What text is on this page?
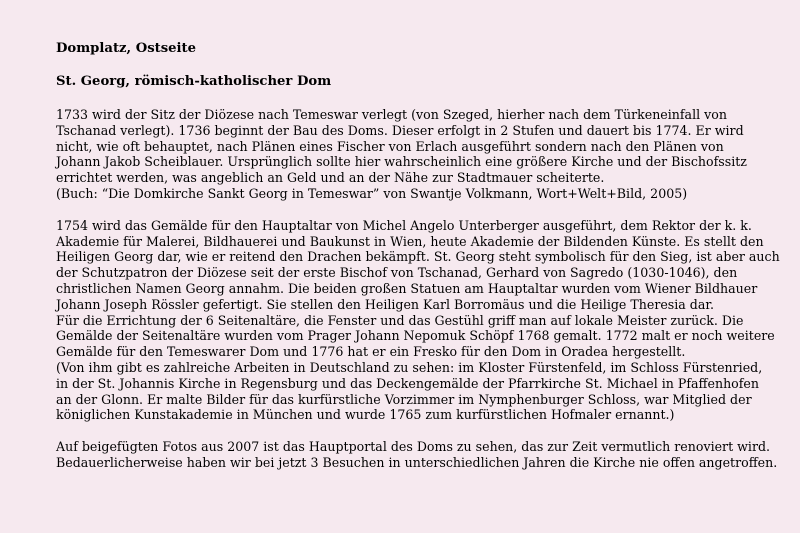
Domplatz, Ostseite
St. Georg, römisch-katholischer Dom

1733 wird der Sitz der Diözese nach Temeswar verlegt (von Szeged, hierher nach dem Türkeneinfall von
Tschanad verlegt). 1736 beginnt der Bau des Doms. Dieser erfolgt in 2 Stufen und dauert bis 1774. Er wird
nicht, wie oft behauptet, nach Plänen eines Fischer von Erlach ausgeführt sondern nach den Plänen von
Johann Jakob Scheiblauer. Ursprünglich sollte hier wahrscheinlich eine größere Kirche und der Bischofssitz
errichtet werden, was angeblich an Geld und an der Nähe zur Stadtmauer scheiterte.
(Buch: “Die Domkirche Sankt Georg in Temeswar” von Swantje Volkmann, Wort+Welt+Bild, 2005)

1754 wird das Gemälde für den Hauptaltar von Michel Angelo Unterberger ausgeführt, dem Rektor der k. k.
Akademie für Malerei, Bildhauerei und Baukunst in Wien, heute Akademie der Bildenden Künste. Es stellt den
Heiligen Georg dar, wie er reitend den Drachen bekämpft. St. Georg steht symbolisch für den Sieg, ist aber auch
der Schutzpatron der Diözese seit der erste Bischof von Tschanad, Gerhard von Sagredo (1030-1046), den
christlichen Namen Georg annahm. Die beiden großen Statuen am Hauptaltar wurden vom Wiener Bildhauer
Johann Joseph Rössler gefertigt. Sie stellen den Heiligen Karl Borromäus und die Heilige Theresia dar.
Für die Errichtung der 6 Seitenaltäre, die Fenster und das Gestühl griff man auf lokale Meister zurück. Die
Gemälde der Seitenaltäre wurden vom Prager Johann Nepomuk Schöpf 1768 gemalt. 1772 malt er noch weitere
Gemälde für den Temeswarer Dom und 1776 hat er ein Fresko für den Dom in Oradea hergestellt.
(Von ihm gibt es zahlreiche Arbeiten in Deutschland zu sehen: im Kloster Fürstenfeld, im Schloss Fürstenried,
in der St. Johannis Kirche in Regensburg und das Deckengemälde der Pfarrkirche St. Michael in Pfaffenhofen
an der Glonn. Er malte Bilder für das kurfürstliche Vorzimmer im Nymphenburger Schloss, war Mitglied der
königlichen Kunstakademie in München und wurde 1765 zum kurfürstlichen Hofmaler ernannt.)

Auf beigefügten Fotos aus 2007 ist das Hauptportal des Doms zu sehen, das zur Zeit vermutlich renoviert wird.
Bedauerlicherweise haben wir bei jetzt 3 Besuchen in unterschiedlichen Jahren die Kirche nie offen angetroffen.
